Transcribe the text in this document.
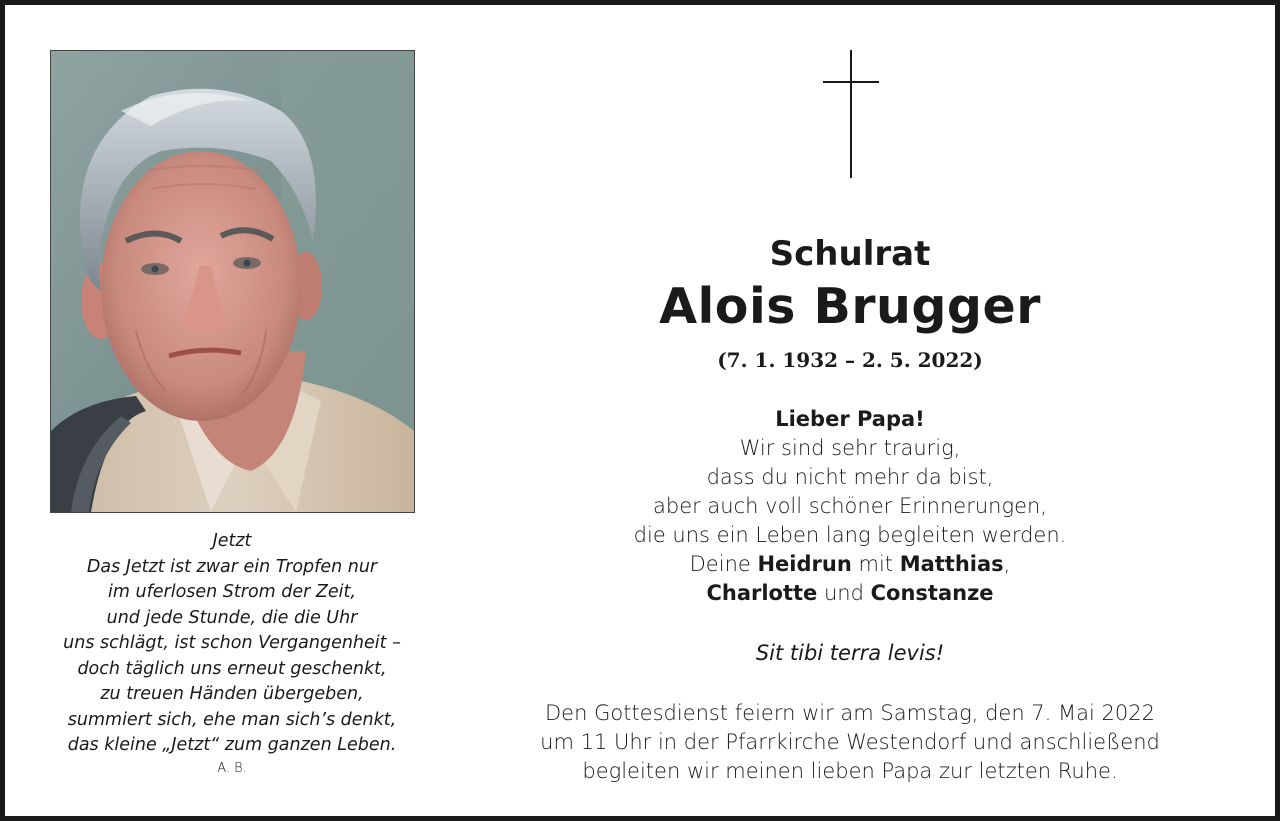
Jetzt
Das Jetzt ist zwar ein Tropfen nur
im uferlosen Strom der Zeit,
und jede Stunde, die die Uhr
uns schlägt, ist schon Vergangenheit –
doch täglich uns erneut geschenkt,
zu treuen Händen übergeben,
summiert sich, ehe man sich’s denkt,
das kleine „Jetzt“ zum ganzen Leben.
A. B.
Schulrat
Alois Brugger
(7. 1. 1932 – 2. 5. 2022)
Lieber Papa!
Wir sind sehr traurig,
dass du nicht mehr da bist,
aber auch voll schöner Erinnerungen,
die uns ein Leben lang begleiten werden.
Deine Heidrun mit Matthias,
Charlotte und Constanze
Sit tibi terra levis!
Den Gottesdienst feiern wir am Samstag, den 7. Mai 2022
um 11 Uhr in der Pfarrkirche Westendorf und anschließend
begleiten wir meinen lieben Papa zur letzten Ruhe.
